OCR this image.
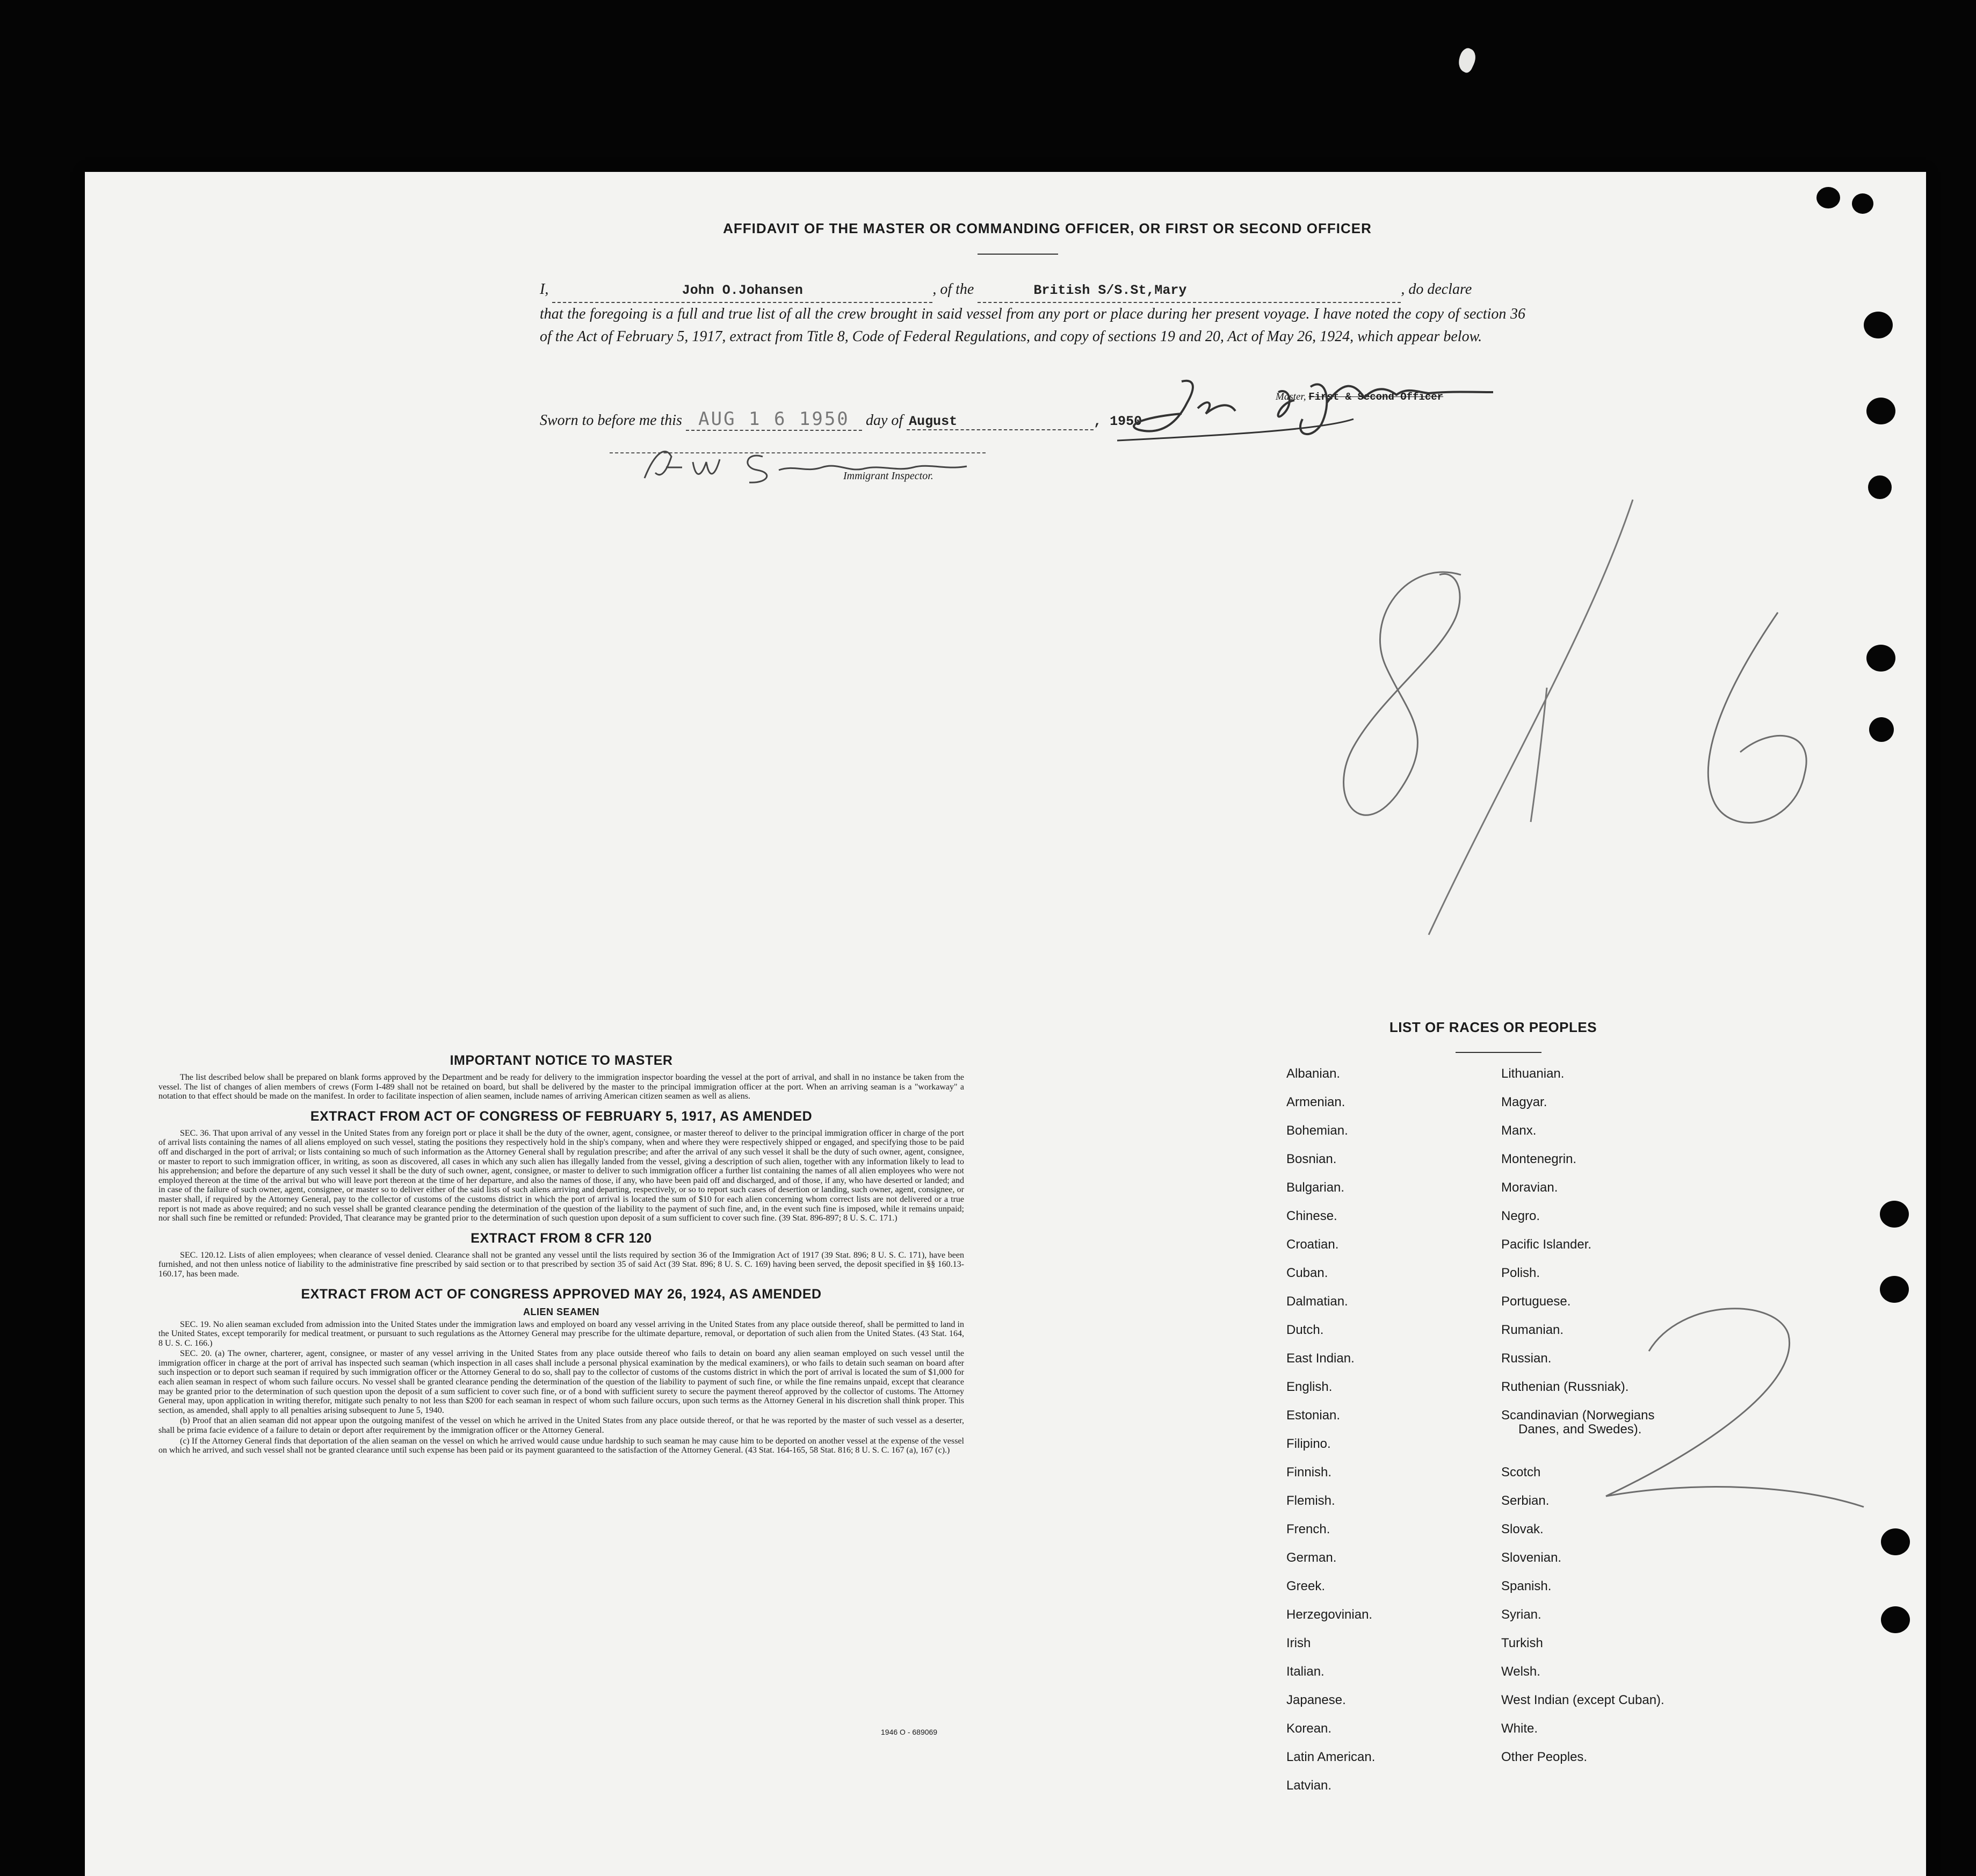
AFFIDAVIT OF THE MASTER OR COMMANDING OFFICER, OR FIRST OR SECOND OFFICER
I,	John O.Johansen	, of the	British S/S.St,Mary	, do declare
that the foregoing is a full and true list of all the crew brought in said vessel from any port or place during her present voyage. I have noted the copy of section 36 of the Act of February 5, 1917, extract from Title 8, Code of Federal Regulations, and copy of sections 19 and 20, Act of May 26, 1924, which appear below.
Sworn to before me this AUG 1 6 1950 day of August	, 1950
Master, First & Second Officer
Immigrant Inspector.
IMPORTANT NOTICE TO MASTER

The list described below shall be prepared on blank forms approved by the Department and be ready for delivery to the immigration inspector boarding the vessel at the port of arrival, and shall in no instance be taken from the vessel. The list of changes of alien members of crews (Form I-489 shall not be retained on board, but shall be delivered by the master to the principal immigration officer at the port. When an arriving seaman is a "workaway" a notation to that effect should be made on the manifest. In order to facilitate inspection of alien seamen, include names of arriving American citizen seamen as well as aliens.

EXTRACT FROM ACT OF CONGRESS OF FEBRUARY 5, 1917, AS AMENDED

SEC. 36. That upon arrival of any vessel in the United States from any foreign port or place it shall be the duty of the owner, agent, consignee, or master thereof to deliver to the principal immigration officer in charge of the port of arrival lists containing the names of all aliens employed on such vessel, stating the positions they respectively hold in the ship's company, when and where they were respectively shipped or engaged, and specifying those to be paid off and discharged in the port of arrival; or lists containing so much of such information as the Attorney General shall by regulation prescribe; and after the arrival of any such vessel it shall be the duty of such owner, agent, consignee, or master to report to such immigration officer, in writing, as soon as discovered, all cases in which any such alien has illegally landed from the vessel, giving a description of such alien, together with any information likely to lead to his apprehension; and before the departure of any such vessel it shall be the duty of such owner, agent, consignee, or master to deliver to such immigration officer a further list containing the names of all alien employees who were not employed thereon at the time of the arrival but who will leave port thereon at the time of her departure, and also the names of those, if any, who have been paid off and discharged, and of those, if any, who have deserted or landed; and in case of the failure of such owner, agent, consignee, or master so to deliver either of the said lists of such aliens arriving and departing, respectively, or so to report such cases of desertion or landing, such owner, agent, consignee, or master shall, if required by the Attorney General, pay to the collector of customs of the customs district in which the port of arrival is located the sum of $10 for each alien concerning whom correct lists are not delivered or a true report is not made as above required; and no such vessel shall be granted clearance pending the determination of the question of the liability to the payment of such fine, and, in the event such fine is imposed, while it remains unpaid; nor shall such fine be remitted or refunded: Provided, That clearance may be granted prior to the determination of such question upon deposit of a sum sufficient to cover such fine. (39 Stat. 896-897; 8 U. S. C. 171.)

EXTRACT FROM 8 CFR 120

SEC. 120.12. Lists of alien employees; when clearance of vessel denied. Clearance shall not be granted any vessel until the lists required by section 36 of the Immigration Act of 1917 (39 Stat. 896; 8 U. S. C. 171), have been furnished, and not then unless notice of liability to the administrative fine prescribed by said section or to that prescribed by section 35 of said Act (39 Stat. 896; 8 U. S. C. 169) having been served, the deposit specified in §§ 160.13-160.17, has been made.

EXTRACT FROM ACT OF CONGRESS APPROVED MAY 26, 1924, AS AMENDED
ALIEN SEAMEN

SEC. 19. No alien seaman excluded from admission into the United States under the immigration laws and employed on board any vessel arriving in the United States from any place outside thereof, shall be permitted to land in the United States, except temporarily for medical treatment, or pursuant to such regulations as the Attorney General may prescribe for the ultimate departure, removal, or deportation of such alien from the United States. (43 Stat. 164, 8 U. S. C. 166.)

SEC. 20. (a) The owner, charterer, agent, consignee, or master of any vessel arriving in the United States from any place outside thereof who fails to detain on board any alien seaman employed on such vessel until the immigration officer in charge at the port of arrival has inspected such seaman (which inspection in all cases shall include a personal physical examination by the medical examiners), or who fails to detain such seaman on board after such inspection or to deport such seaman if required by such immigration officer or the Attorney General to do so, shall pay to the collector of customs of the customs district in which the port of arrival is located the sum of $1,000 for each alien seaman in respect of whom such failure occurs. No vessel shall be granted clearance pending the determination of the question of the liability to payment of such fine, or while the fine remains unpaid, except that clearance may be granted prior to the determination of such question upon the deposit of a sum sufficient to cover such fine, or of a bond with sufficient surety to secure the payment thereof approved by the collector of customs. The Attorney General may, upon application in writing therefor, mitigate such penalty to not less than $200 for each seaman in respect of whom such failure occurs, upon such terms as the Attorney General in his discretion shall think proper. This section, as amended, shall apply to all penalties arising subsequent to June 5, 1940.

(b) Proof that an alien seaman did not appear upon the outgoing manifest of the vessel on which he arrived in the United States from any place outside thereof, or that he was reported by the master of such vessel as a deserter, shall be prima facie evidence of a failure to detain or deport after requirement by the immigration officer or the Attorney General.

(c) If the Attorney General finds that deportation of the alien seaman on the vessel on which he arrived would cause undue hardship to such seaman he may cause him to be deported on another vessel at the expense of the vessel on which he arrived, and such vessel shall not be granted clearance until such expense has been paid or its payment guaranteed to the satisfaction of the Attorney General. (43 Stat. 164-165, 58 Stat. 816; 8 U. S. C. 167 (a), 167 (c).)

1946 O - 689069
LIST OF RACES OR PEOPLES
Albanian.
Armenian.
Bohemian.
Bosnian.
Bulgarian.
Chinese.
Croatian.
Cuban.
Dalmatian.
Dutch.
East Indian.
English.
Estonian.
Filipino.
Finnish.
Flemish.
French.
German.
Greek.
Herzegovinian.
Irish
Italian.
Japanese.
Korean.
Latin American.
Latvian.
Lithuanian.
Magyar.
Manx.
Montenegrin.
Moravian.
Negro.
Pacific Islander.
Polish.
Portuguese.
Rumanian.
Russian.
Ruthenian (Russniak).
Scandinavian (Norwegians
Danes, and Swedes).
Scotch
Serbian.
Slovak.
Slovenian.
Spanish.
Syrian.
Turkish
Welsh.
West Indian (except Cuban).
White.
Other Peoples.
